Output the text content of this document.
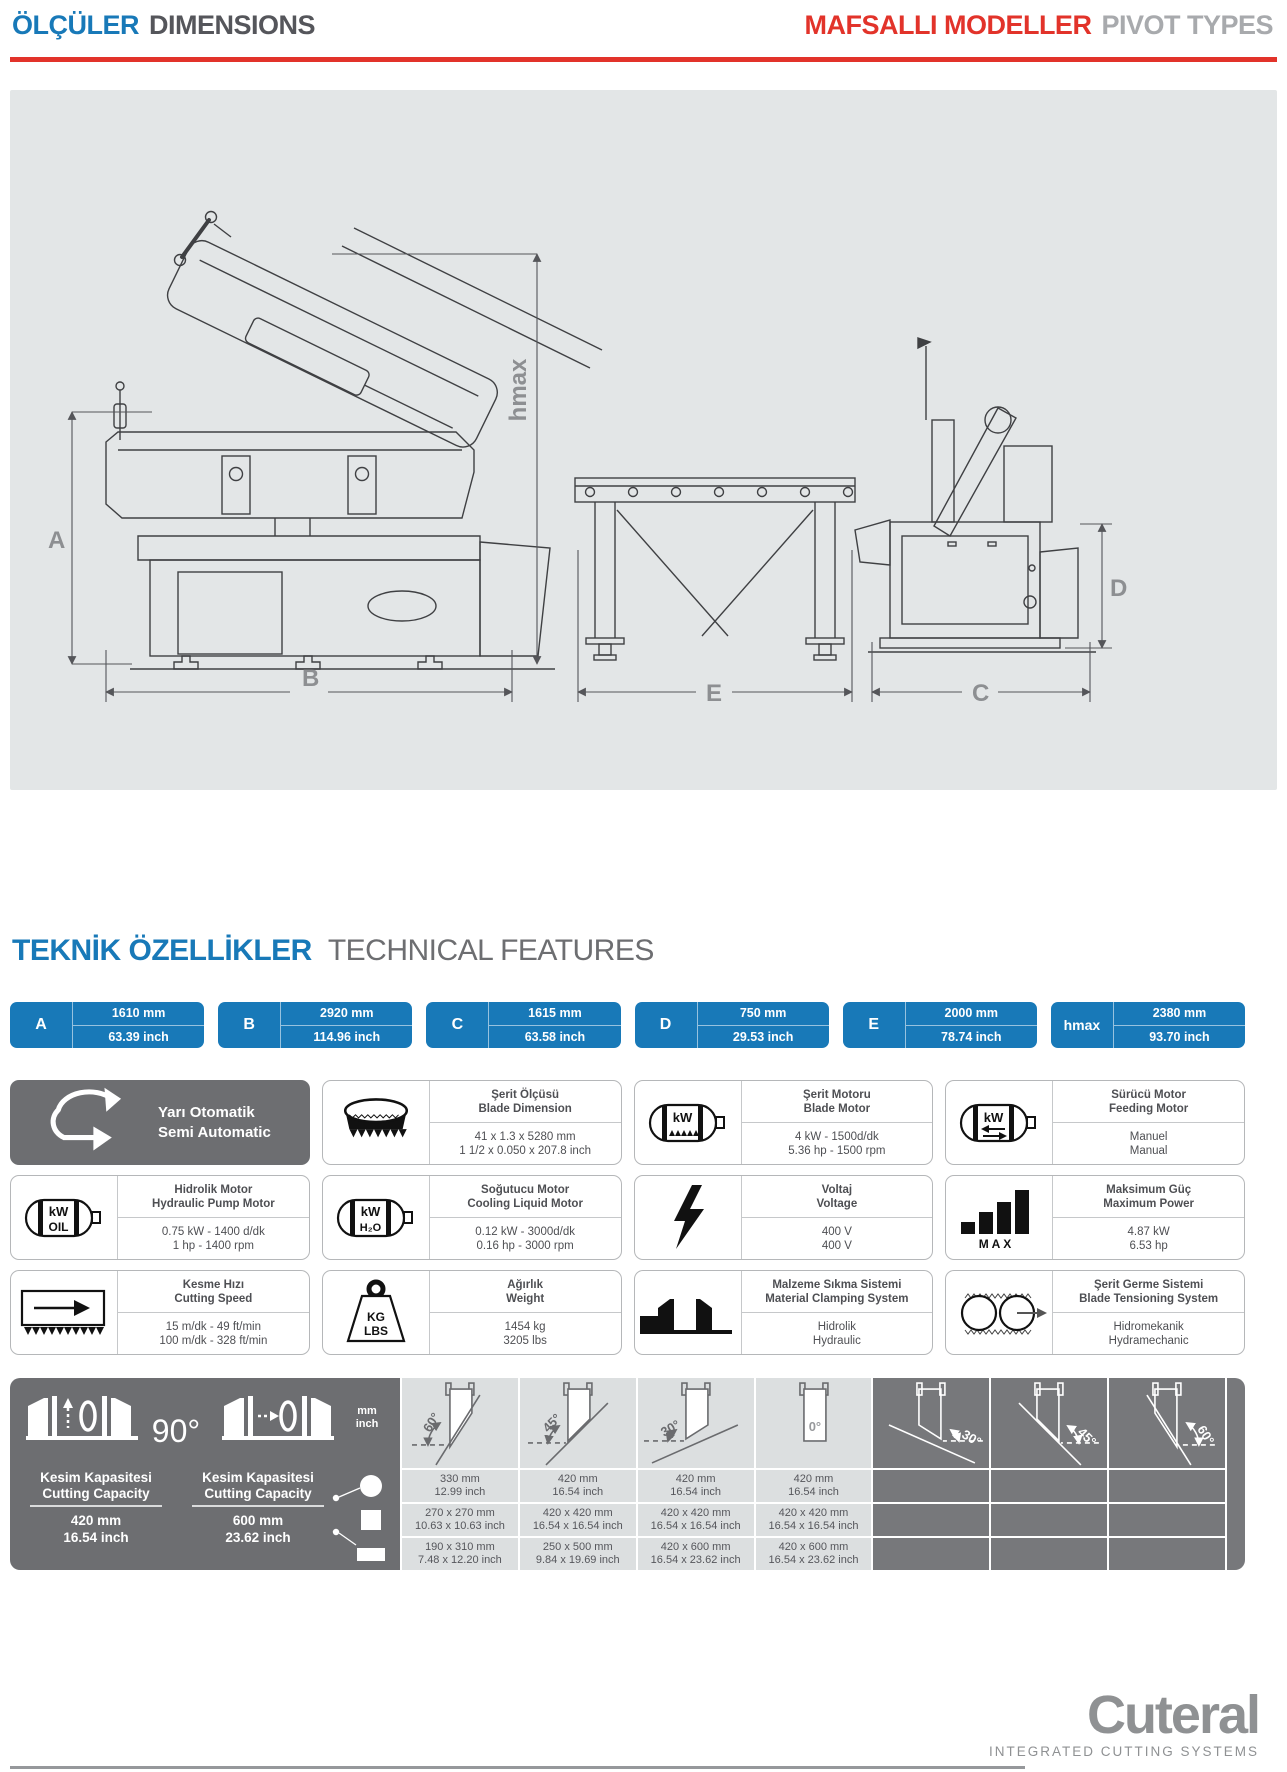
ÖLÇÜLER DIMENSIONS	MAFSALLI MODELLER PIVOT TYPES
A
B
hmax
E	C
D
TEKNİK ÖZELLİKLER TECHNICAL FEATURES
A
1610 mm
63.39 inch
B
2920 mm
114.96 inch
C
1615 mm
63.58 inch
D
750 mm
29.53 inch
E
2000 mm
78.74 inch
hmax
2380 mm
93.70 inch
Yarı Otomatik
Semi Automatic
Şerit Ölçüsü
Blade Dimension
41 x 1.3 x 5280 mm
1 1/2 x 0.050 x 207.8 inch
kW
Şerit Motoru
Blade Motor
4 kW - 1500d/dk
5.36 hp - 1500 rpm
kW
Sürücü Motor
Feeding Motor
Manuel
Manual
kW
OIL
Hidrolik Motor
Hydraulic Pump Motor
0.75 kW - 1400 d/dk
1 hp - 1400 rpm
kW
H₂O
Soğutucu Motor
Cooling Liquid Motor
0.12 kW - 3000d/dk
0.16 hp - 3000 rpm
Voltaj
Voltage
400 V
400 V	M A X
Maksimum Güç
Maximum Power
4.87 kW
6.53 hp
Kesme Hızı
Cutting Speed
15 m/dk - 49 ft/min
100 m/dk - 328 ft/min
KG
LBS
Ağırlık
Weight
1454 kg
3205 lbs
Malzeme Sıkma Sistemi
Material Clamping System
Hidrolik
Hydraulic
Şerit Germe Sistemi
Blade Tensioning System
Hidromekanik
Hydramechanic
90°
mm
inch
Kesim Kapasitesi
Cutting Capacity
420 mm
16.54 inch
Kesim Kapasitesi
Cutting Capacity
600 mm
23.62 inch
60°	45°	30°	0°
30°	45°	60°
330 mm
12.99 inch
420 mm
16.54 inch
420 mm
16.54 inch
420 mm
16.54 inch
270 x 270 mm
10.63 x 10.63 inch
420 x 420 mm
16.54 x 16.54 inch
420 x 420 mm
16.54 x 16.54 inch
420 x 420 mm
16.54 x 16.54 inch
190 x 310 mm
7.48 x 12.20 inch
250 x 500 mm
9.84 x 19.69 inch
420 x 600 mm
16.54 x 23.62 inch
420 x 600 mm
16.54 x 23.62 inch
Cuteral
INTEGRATED CUTTING SYSTEMS
